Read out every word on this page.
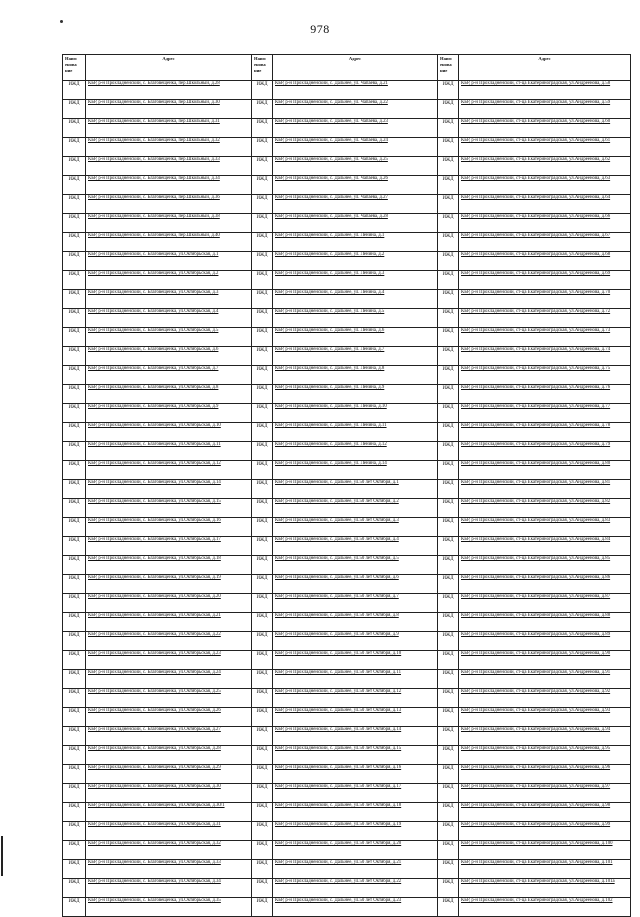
978
Наим енова ние	Адрес	Наим енова ние	Адрес	Наим енова ние	Адрес
ИЖД	КБР, р-н Прохладненский, с. Благовещенка, пер.Школьный, д.28	ИЖД	КБР, р-н Прохладненский, с. Дальнее, ул. Чапаева, д.21	ИЖД	КБР, р-н Прохладненский, ст-ца Екатериноградская, ул.Андреенова, д.58
ИЖД	КБР, р-н Прохладненский, с. Благовещенка, пер.Школьный, д.30	ИЖД	КБР, р-н Прохладненский, с. Дальнее, ул. Чапаева, д.22	ИЖД	КБР, р-н Прохладненский, ст-ца Екатериноградская, ул.Андреенова, д.59
ИЖД	КБР, р-н Прохладненский, с. Благовещенка, пер.Школьный, д.31	ИЖД	КБР, р-н Прохладненский, с. Дальнее, ул. Чапаева, д.23	ИЖД	КБР, р-н Прохладненский, ст-ца Екатериноградская, ул.Андреенова, д.60
ИЖД	КБР, р-н Прохладненский, с. Благовещенка, пер.Школьный, д.32	ИЖД	КБР, р-н Прохладненский, с. Дальнее, ул. Чапаева, д.24	ИЖД	КБР, р-н Прохладненский, ст-ца Екатериноградская, ул.Андреенова, д.61
ИЖД	КБР, р-н Прохладненский, с. Благовещенка, пер.Школьный, д.33	ИЖД	КБР, р-н Прохладненский, с. Дальнее, ул. Чапаева, д.25	ИЖД	КБР, р-н Прохладненский, ст-ца Екатериноградская, ул.Андреенова, д.62
ИЖД	КБР, р-н Прохладненский, с. Благовещенка, пер.Школьный, д.34	ИЖД	КБР, р-н Прохладненский, с. Дальнее, ул. Чапаева, д.26	ИЖД	КБР, р-н Прохладненский, ст-ца Екатериноградская, ул.Андреенова, д.63
ИЖД	КБР, р-н Прохладненский, с. Благовещенка, пер.Школьный, д.36	ИЖД	КБР, р-н Прохладненский, с. Дальнее, ул. Чапаева, д.27	ИЖД	КБР, р-н Прохладненский, ст-ца Екатериноградская, ул.Андреенова, д.64
ИЖД	КБР, р-н Прохладненский, с. Благовещенка, пер.Школьный, д.38	ИЖД	КБР, р-н Прохладненский, с. Дальнее, ул. Чапаева, д.28	ИЖД	КБР, р-н Прохладненский, ст-ца Екатериноградская, ул.Андреенова, д.66
ИЖД	КБР, р-н Прохладненский, с. Благовещенка, пер.Школьный, д.40	ИЖД	КБР, р-н Прохладненский, с. Дальнее, ул. Ленина, д.1	ИЖД	КБР, р-н Прохладненский, ст-ца Екатериноградская, ул.Андреенова, д.67
ИЖД	КБР, р-н Прохладненский, с. Благовещенка, ул.Октябрьская, д.1	ИЖД	КБР, р-н Прохладненский, с. Дальнее, ул. Ленина, д.2	ИЖД	КБР, р-н Прохладненский, ст-ца Екатериноградская, ул.Андреенова, д.68
ИЖД	КБР, р-н Прохладненский, с. Благовещенка, ул.Октябрьская, д.2	ИЖД	КБР, р-н Прохладненский, с. Дальнее, ул. Ленина, д.3	ИЖД	КБР, р-н Прохладненский, ст-ца Екатериноградская, ул.Андреенова, д.69
ИЖД	КБР, р-н Прохладненский, с. Благовещенка, ул.Октябрьская, д.3	ИЖД	КБР, р-н Прохладненский, с. Дальнее, ул. Ленина, д.4	ИЖД	КБР, р-н Прохладненский, ст-ца Екатериноградская, ул.Андреенова, д.70
ИЖД	КБР, р-н Прохладненский, с. Благовещенка, ул.Октябрьская, д.4	ИЖД	КБР, р-н Прохладненский, с. Дальнее, ул. Ленина, д.5	ИЖД	КБР, р-н Прохладненский, ст-ца Екатериноградская, ул.Андреенова, д.72
ИЖД	КБР, р-н Прохладненский, с. Благовещенка, ул.Октябрьская, д.5	ИЖД	КБР, р-н Прохладненский, с. Дальнее, ул. Ленина, д.6	ИЖД	КБР, р-н Прохладненский, ст-ца Екатериноградская, ул.Андреенова, д.73
ИЖД	КБР, р-н Прохладненский, с. Благовещенка, ул.Октябрьская, д.6	ИЖД	КБР, р-н Прохладненский, с. Дальнее, ул. Ленина, д.7	ИЖД	КБР, р-н Прохладненский, ст-ца Екатериноградская, ул.Андреенова, д.74
ИЖД	КБР, р-н Прохладненский, с. Благовещенка, ул.Октябрьская, д.7	ИЖД	КБР, р-н Прохладненский, с. Дальнее, ул. Ленина, д.8	ИЖД	КБР, р-н Прохладненский, ст-ца Екатериноградская, ул.Андреенова, д.75
ИЖД	КБР, р-н Прохладненский, с. Благовещенка, ул.Октябрьская, д.8	ИЖД	КБР, р-н Прохладненский, с. Дальнее, ул. Ленина, д.9	ИЖД	КБР, р-н Прохладненский, ст-ца Екатериноградская, ул.Андреенова, д.76
ИЖД	КБР, р-н Прохладненский, с. Благовещенка, ул.Октябрьская, д.9	ИЖД	КБР, р-н Прохладненский, с. Дальнее, ул. Ленина, д.10	ИЖД	КБР, р-н Прохладненский, ст-ца Екатериноградская, ул.Андреенова, д.77
ИЖД	КБР, р-н Прохладненский, с. Благовещенка, ул.Октябрьская, д.10	ИЖД	КБР, р-н Прохладненский, с. Дальнее, ул. Ленина, д.11	ИЖД	КБР, р-н Прохладненский, ст-ца Екатериноградская, ул.Андреенова, д.78
ИЖД	КБР, р-н Прохладненский, с. Благовещенка, ул.Октябрьская, д.11	ИЖД	КБР, р-н Прохладненский, с. Дальнее, ул. Ленина, д.12	ИЖД	КБР, р-н Прохладненский, ст-ца Екатериноградская, ул.Андреенова, д.79
ИЖД	КБР, р-н Прохладненский, с. Благовещенка, ул.Октябрьская, д.12	ИЖД	КБР, р-н Прохладненский, с. Дальнее, ул. Ленина, д.14	ИЖД	КБР, р-н Прохладненский, ст-ца Екатериноградская, ул.Андреенова, д.80
ИЖД	КБР, р-н Прохладненский, с. Благовещенка, ул.Октябрьская, д.14	ИЖД	КБР, р-н Прохладненский, с. Дальнее, ул.50 лет Октября, д.1	ИЖД	КБР, р-н Прохладненский, ст-ца Екатериноградская, ул.Андреенова, д.81
ИЖД	КБР, р-н Прохладненский, с. Благовещенка, ул.Октябрьская, д.15	ИЖД	КБР, р-н Прохладненский, с. Дальнее, ул.50 лет Октября, д.2	ИЖД	КБР, р-н Прохладненский, ст-ца Екатериноградская, ул.Андреенова, д.82
ИЖД	КБР, р-н Прохладненский, с. Благовещенка, ул.Октябрьская, д.16	ИЖД	КБР, р-н Прохладненский, с. Дальнее, ул.50 лет Октября, д.3	ИЖД	КБР, р-н Прохладненский, ст-ца Екатериноградская, ул.Андреенова, д.83
ИЖД	КБР, р-н Прохладненский, с. Благовещенка, ул.Октябрьская, д.17	ИЖД	КБР, р-н Прохладненский, с. Дальнее, ул.50 лет Октября, д.4	ИЖД	КБР, р-н Прохладненский, ст-ца Екатериноградская, ул.Андреенова, д.84
ИЖД	КБР, р-н Прохладненский, с. Благовещенка, ул.Октябрьская, д.18	ИЖД	КБР, р-н Прохладненский, с. Дальнее, ул.50 лет Октября, д.5	ИЖД	КБР, р-н Прохладненский, ст-ца Екатериноградская, ул.Андреенова, д.85
ИЖД	КБР, р-н Прохладненский, с. Благовещенка, ул.Октябрьская, д.19	ИЖД	КБР, р-н Прохладненский, с. Дальнее, ул.50 лет Октября, д.6	ИЖД	КБР, р-н Прохладненский, ст-ца Екатериноградская, ул.Андреенова, д.86
ИЖД	КБР, р-н Прохладненский, с. Благовещенка, ул.Октябрьская, д.20	ИЖД	КБР, р-н Прохладненский, с. Дальнее, ул.50 лет Октября, д.7	ИЖД	КБР, р-н Прохладненский, ст-ца Екатериноградская, ул.Андреенова, д.87
ИЖД	КБР, р-н Прохладненский, с. Благовещенка, ул.Октябрьская, д.21	ИЖД	КБР, р-н Прохладненский, с. Дальнее, ул.50 лет Октября, д.8	ИЖД	КБР, р-н Прохладненский, ст-ца Екатериноградская, ул.Андреенова, д.88
ИЖД	КБР, р-н Прохладненский, с. Благовещенка, ул.Октябрьская, д.22	ИЖД	КБР, р-н Прохладненский, с. Дальнее, ул.50 лет Октября, д.9	ИЖД	КБР, р-н Прохладненский, ст-ца Екатериноградская, ул.Андреенова, д.89
ИЖД	КБР, р-н Прохладненский, с. Благовещенка, ул.Октябрьская, д.23	ИЖД	КБР, р-н Прохладненский, с. Дальнее, ул.50 лет Октября, д.10	ИЖД	КБР, р-н Прохладненский, ст-ца Екатериноградская, ул.Андреенова, д.90
ИЖД	КБР, р-н Прохладненский, с. Благовещенка, ул.Октябрьская, д.24	ИЖД	КБР, р-н Прохладненский, с. Дальнее, ул.50 лет Октября, д.11	ИЖД	КБР, р-н Прохладненский, ст-ца Екатериноградская, ул.Андреенова, д.91
ИЖД	КБР, р-н Прохладненский, с. Благовещенка, ул.Октябрьская, д.25	ИЖД	КБР, р-н Прохладненский, с. Дальнее, ул.50 лет Октября, д.12	ИЖД	КБР, р-н Прохладненский, ст-ца Екатериноградская, ул.Андреенова, д.92
ИЖД	КБР, р-н Прохладненский, с. Благовещенка, ул.Октябрьская, д.26	ИЖД	КБР, р-н Прохладненский, с. Дальнее, ул.50 лет Октября, д.13	ИЖД	КБР, р-н Прохладненский, ст-ца Екатериноградская, ул.Андреенова, д.93
ИЖД	КБР, р-н Прохладненский, с. Благовещенка, ул.Октябрьская, д.27	ИЖД	КБР, р-н Прохладненский, с. Дальнее, ул.50 лет Октября, д.14	ИЖД	КБР, р-н Прохладненский, ст-ца Екатериноградская, ул.Андреенова, д.94
ИЖД	КБР, р-н Прохладненский, с. Благовещенка, ул.Октябрьская, д.28	ИЖД	КБР, р-н Прохладненский, с. Дальнее, ул.50 лет Октября, д.15	ИЖД	КБР, р-н Прохладненский, ст-ца Екатериноградская, ул.Андреенова, д.95
ИЖД	КБР, р-н Прохладненский, с. Благовещенка, ул.Октябрьская, д.29	ИЖД	КБР, р-н Прохладненский, с. Дальнее, ул.50 лет Октября, д.16	ИЖД	КБР, р-н Прохладненский, ст-ца Екатериноградская, ул.Андреенова, д.96
ИЖД	КБР, р-н Прохладненский, с. Благовещенка, ул.Октябрьская, д.30	ИЖД	КБР, р-н Прохладненский, с. Дальнее, ул.50 лет Октября, д.17	ИЖД	КБР, р-н Прохладненский, ст-ца Екатериноградская, ул.Андреенова, д.97
ИЖД	КБР, р-н Прохладненский, с. Благовещенка, ул.Октябрьская, д.30/1	ИЖД	КБР, р-н Прохладненский, с. Дальнее, ул.50 лет Октября, д.18	ИЖД	КБР, р-н Прохладненский, ст-ца Екатериноградская, ул.Андреенова, д.98
ИЖД	КБР, р-н Прохладненский, с. Благовещенка, ул.Октябрьская, д.31	ИЖД	КБР, р-н Прохладненский, с. Дальнее, ул.50 лет Октября, д.19	ИЖД	КБР, р-н Прохладненский, ст-ца Екатериноградская, ул.Андреенова, д.99
ИЖД	КБР, р-н Прохладненский, с. Благовещенка, ул.Октябрьская, д.32	ИЖД	КБР, р-н Прохладненский, с. Дальнее, ул.50 лет Октября, д.20	ИЖД	КБР, р-н Прохладненский, ст-ца Екатериноградская, ул.Андреенова, д.100
ИЖД	КБР, р-н Прохладненский, с. Благовещенка, ул.Октябрьская, д.33	ИЖД	КБР, р-н Прохладненский, с. Дальнее, ул.50 лет Октября, д.21	ИЖД	КБР, р-н Прохладненский, ст-ца Екатериноградская, ул.Андреенова, д.101
ИЖД	КБР, р-н Прохладненский, с. Благовещенка, ул.Октябрьская, д.34	ИЖД	КБР, р-н Прохладненский, с. Дальнее, ул.50 лет Октября, д.22	ИЖД	КБР, р-н Прохладненский, ст-ца Екатериноградская, ул.Андреенова, д.101а
ИЖД	КБР, р-н Прохладненский, с. Благовещенка, ул.Октябрьская, д.35	ИЖД	КБР, р-н Прохладненский, с. Дальнее, ул.50 лет Октября, д.23	ИЖД	КБР, р-н Прохладненский, ст-ца Екатериноградская, ул.Андреенова, д.102
